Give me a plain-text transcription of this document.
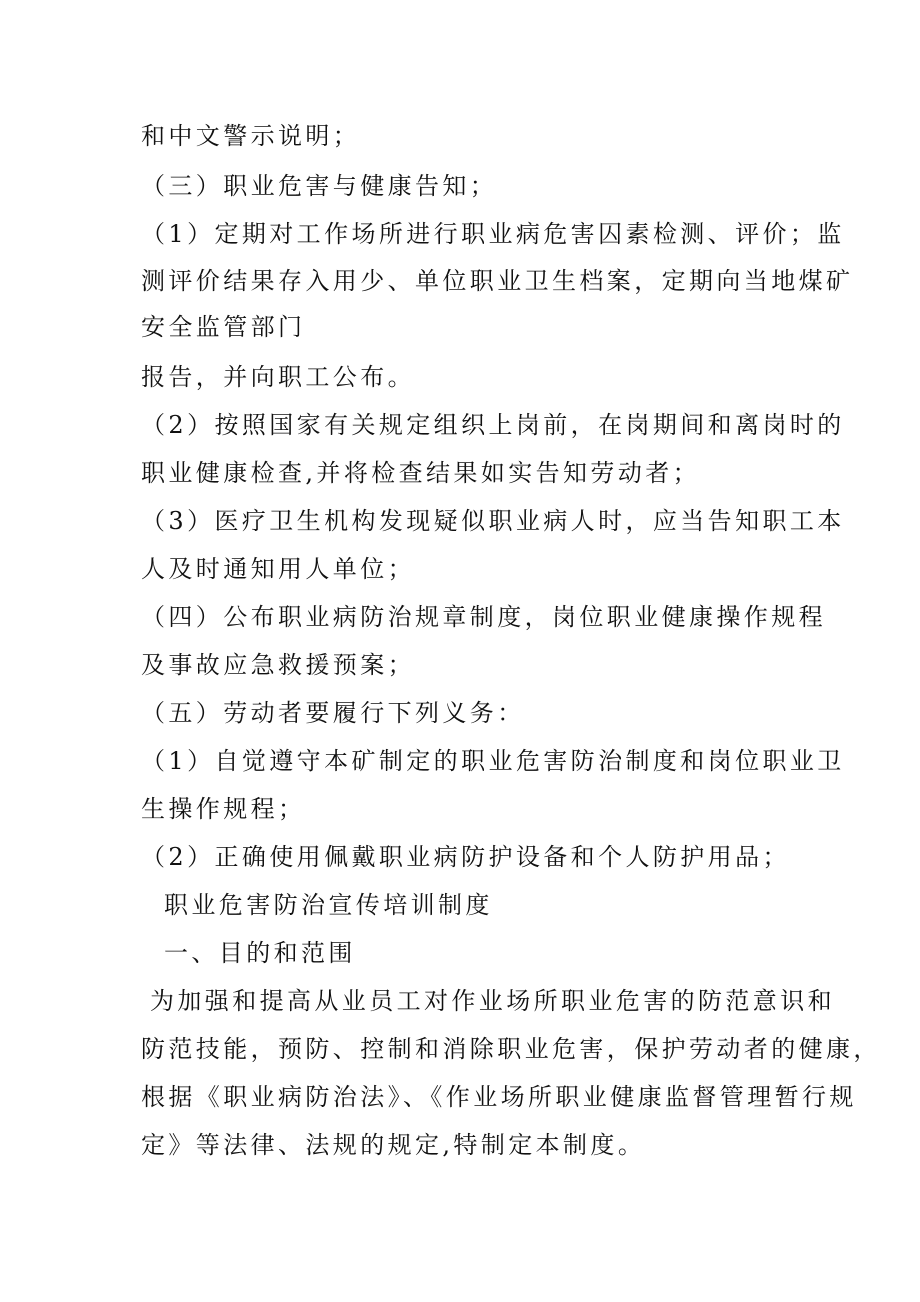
和中文警示说明；
（三）职业危害与健康告知；
（1）定期对工作场所进行职业病危害囚素检测、评价；监
测评价结果存入用少、单位职业卫生档案，定期向当地煤矿
安全监管部门
报告，并向职工公布。
（2）按照国家有关规定组织上岗前，在岗期间和离岗时的
职业健康检查,并将检查结果如实告知劳动者；
（3）医疗卫生机构发现疑似职业病人时，应当告知职工本
人及时通知用人单位；
（四）公布职业病防治规章制度，岗位职业健康操作规程
及事故应急救援预案；
（五）劳动者要履行下列义务：
（1）自觉遵守本矿制定的职业危害防治制度和岗位职业卫
生操作规程；
（2）正确使用佩戴职业病防护设备和个人防护用品；
职业危害防治宣传培训制度
一、目的和范围
为加强和提高从业员工对作业场所职业危害的防范意识和
防范技能，预防、控制和消除职业危害，保护劳动者的健康，
根据《职业病防治法》、《作业场所职业健康监督管理暂行规
定》等法律、法规的规定,特制定本制度。
